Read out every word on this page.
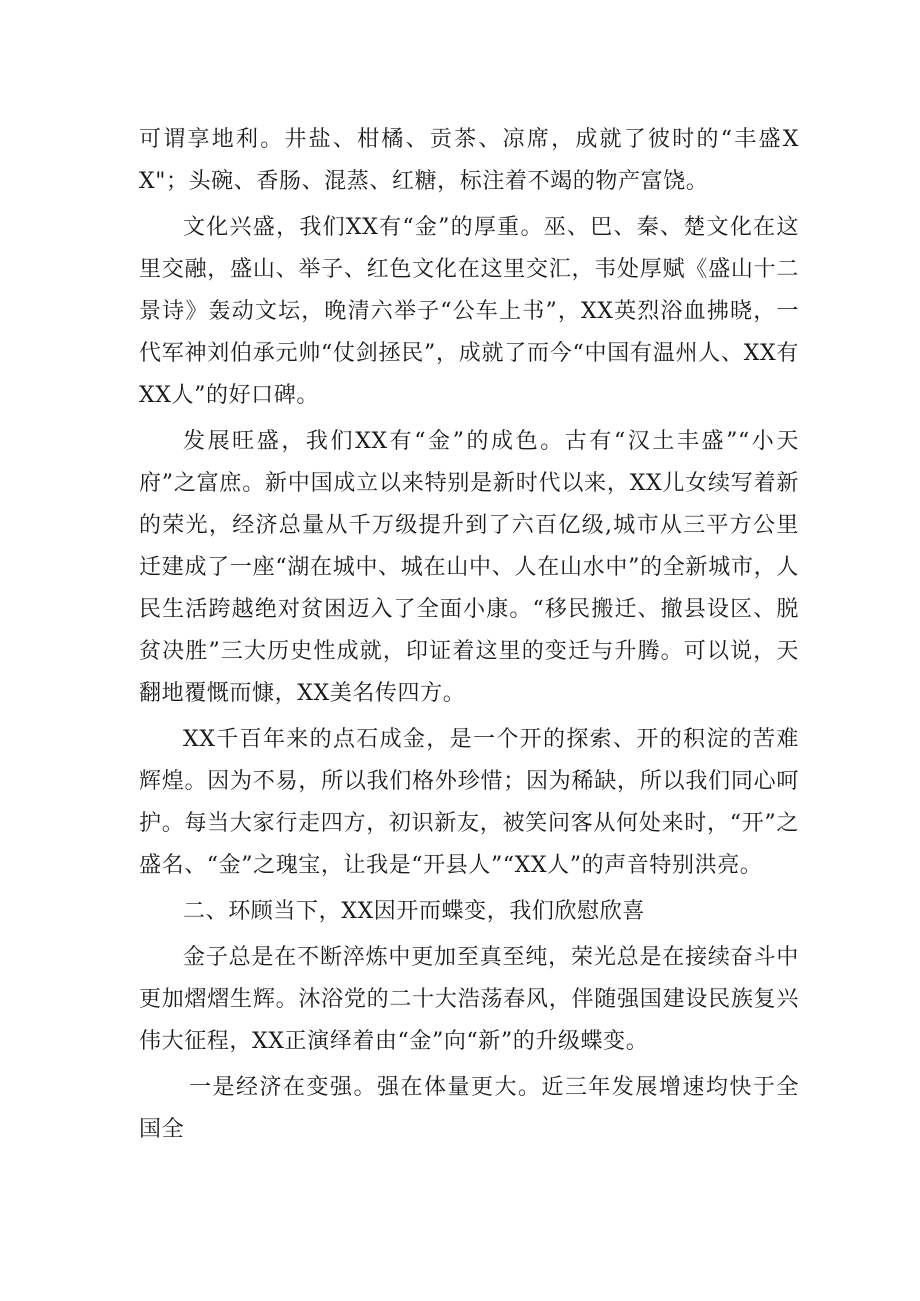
可谓享地利。井盐、柑橘、贡茶、凉席，成就了彼时的“丰盛XX"；头碗、香肠、混蒸、红糖，标注着不竭的物产富饶。

文化兴盛，我们XX有“金”的厚重。巫、巴、秦、楚文化在这里交融，盛山、举子、红色文化在这里交汇，韦处厚赋《盛山十二景诗》轰动文坛，晚清六举子“公车上书”，XX英烈浴血拂晓，一代军神刘伯承元帅“仗剑拯民”，成就了而今“中国有温州人、XX有XX人”的好口碑。

发展旺盛，我们XX有“金”的成色。古有“汉土丰盛”“小天府”之富庶。新中国成立以来特别是新时代以来，XX儿女续写着新的荣光，经济总量从千万级提升到了六百亿级,城市从三平方公里迁建成了一座“湖在城中、城在山中、人在山水中”的全新城市，人民生活跨越绝对贫困迈入了全面小康。“移民搬迁、撤县设区、脱贫决胜”三大历史性成就，印证着这里的变迁与升腾。可以说，天翻地覆慨而慷，XX美名传四方。

XX千百年来的点石成金，是一个开的探索、开的积淀的苦难辉煌。因为不易，所以我们格外珍惜；因为稀缺，所以我们同心呵护。每当大家行走四方，初识新友，被笑问客从何处来时，“开”之盛名、“金”之瑰宝，让我是“开县人”“XX人”的声音特别洪亮。

二、环顾当下，XX因开而蝶变，我们欣慰欣喜

金子总是在不断淬炼中更加至真至纯，荣光总是在接续奋斗中更加熠熠生辉。沐浴党的二十大浩荡春风，伴随强国建设民族复兴伟大征程，XX正演绎着由“金”向“新”的升级蝶变。

一是经济在变强。强在体量更大。近三年发展增速均快于全国全
